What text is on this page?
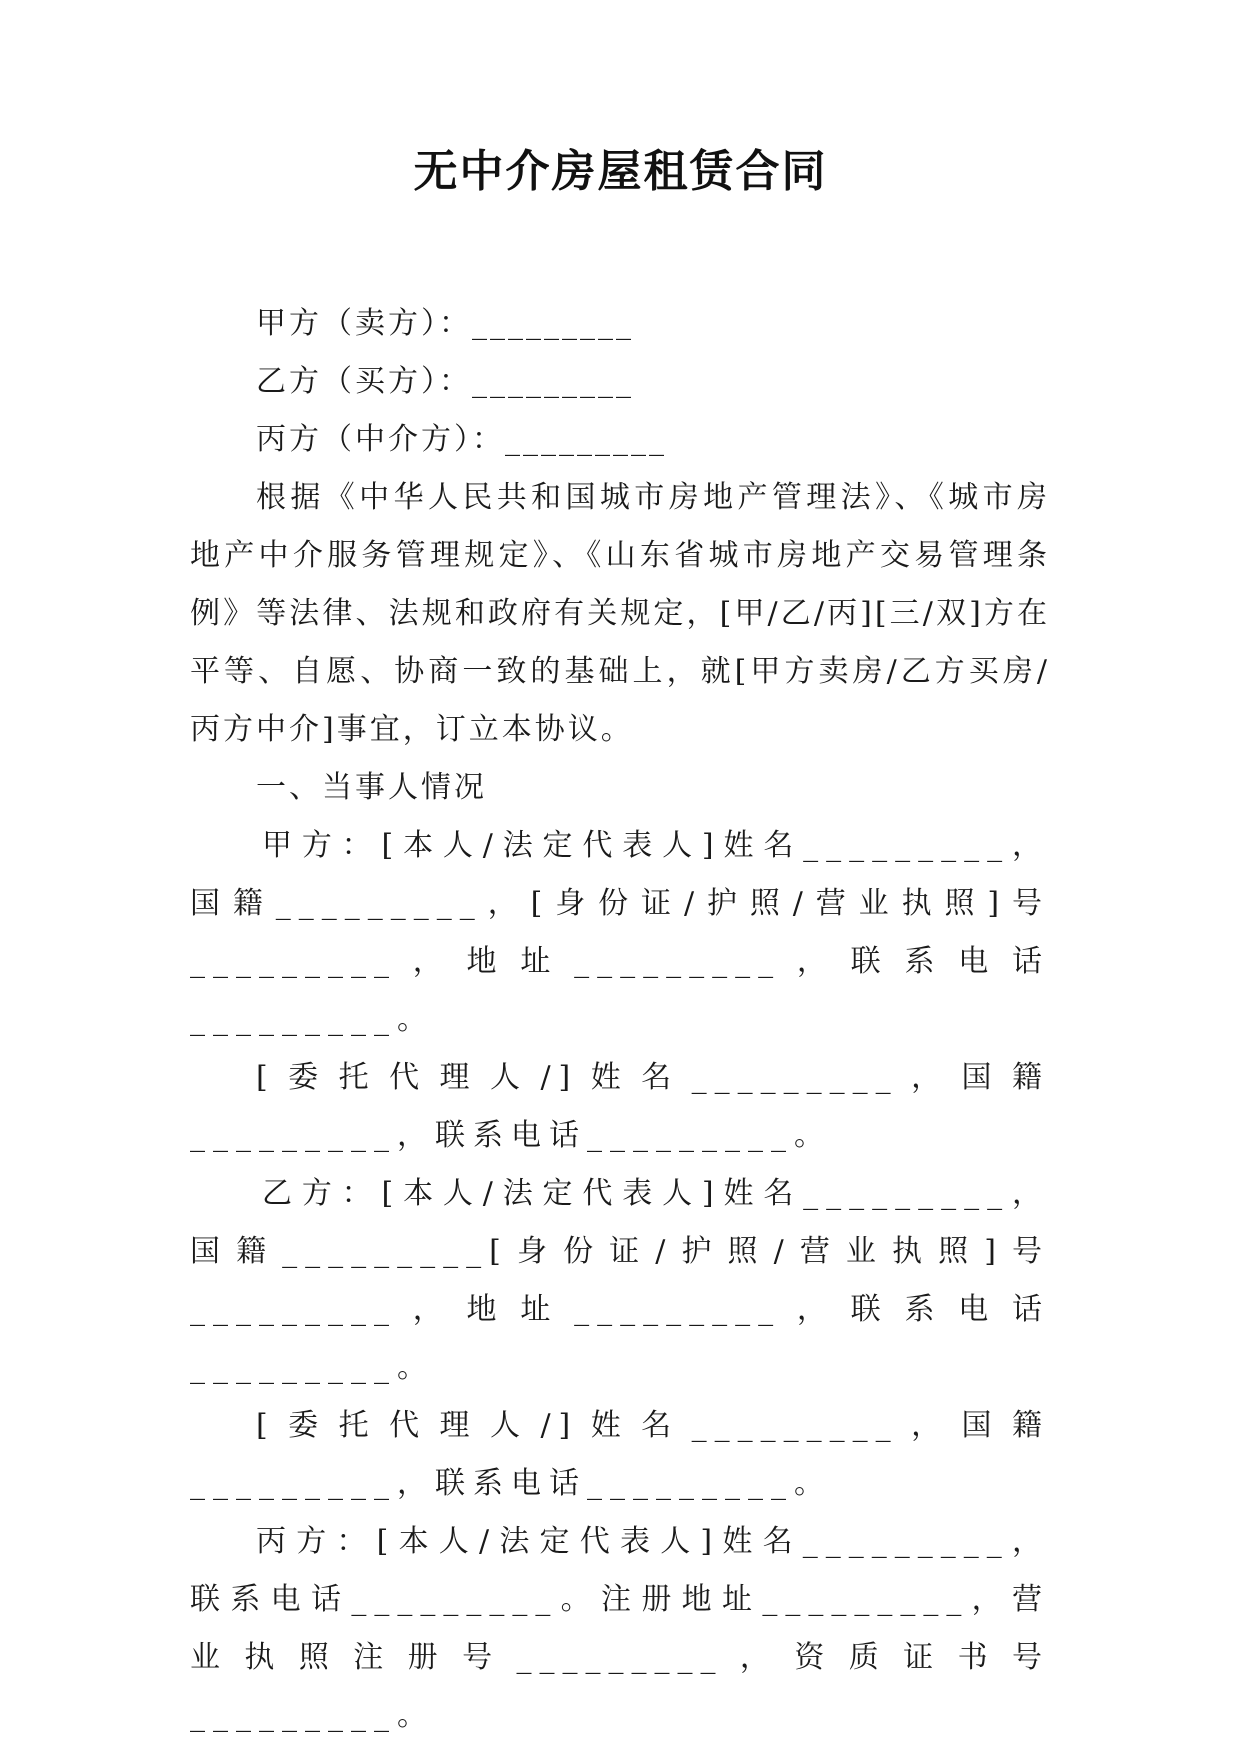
无中介房屋租赁合同

甲方（卖方）：_________

乙方（买方）：_________

丙方（中介方）：_________

根据《中华人民共和国城市房地产管理法》、《城市房地产中介服务管理规定》、《山东省城市房地产交易管理条例》等法律、法规和政府有关规定，[甲/乙/丙][三/双]方在平等、自愿、协商一致的基础上，就[甲方卖房/乙方买房/丙方中介]事宜，订立本协议。

一、当事人情况

甲方：[本人/法定代表人]姓名_________，国籍_________，[身份证/护照/营业执照]号_________，地址_________，联系电话_________。

[委托代理人/]姓名_________，国籍_________，联系电话_________。

乙方：[本人/法定代表人]姓名_________，国籍_________[身份证/护照/营业执照]号_________，地址_________，联系电话_________。

[委托代理人/]姓名_________，国籍_________，联系电话_________。

丙方：[本人/法定代表人]姓名_________，联系电话_________。注册地址_________，营业执照注册号_________，资质证书号_________。
